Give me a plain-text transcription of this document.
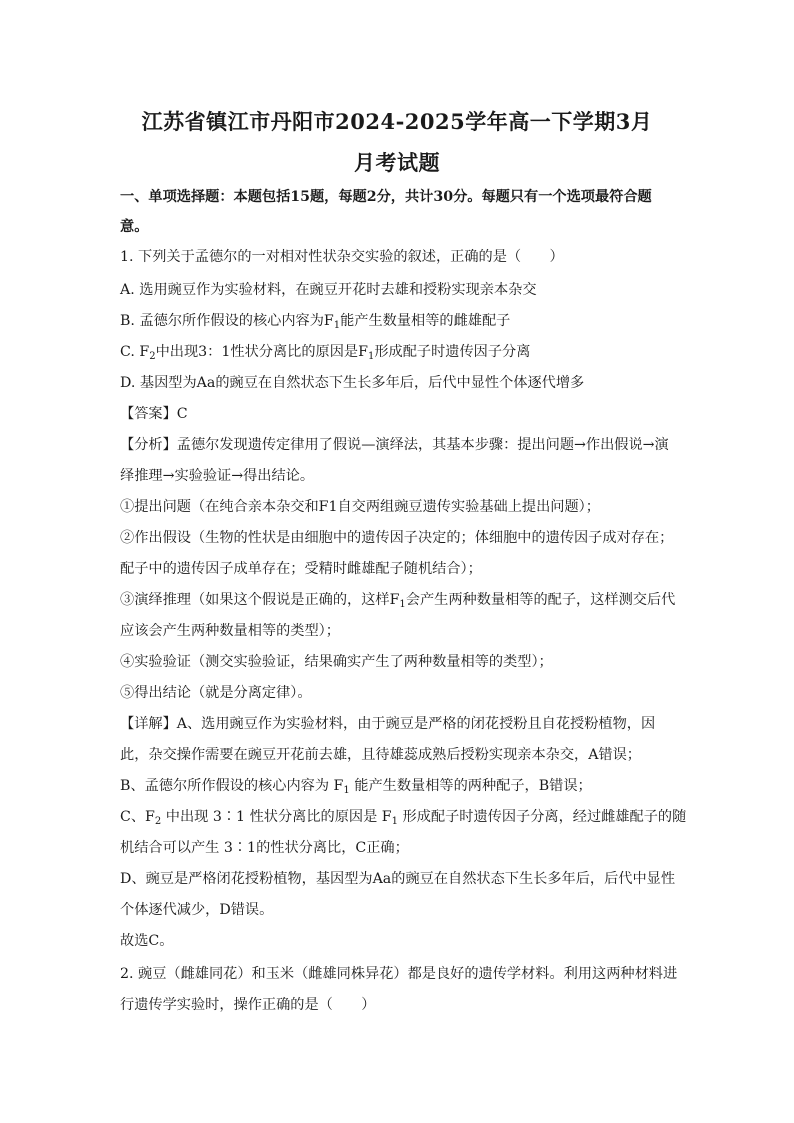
江苏省镇江市丹阳市2024-2025学年高一下学期3月
月考试题
一、单项选择题：本题包括15题，每题2分，共计30分。每题只有一个选项最符合题
意。
1. 下列关于孟德尔的一对相对性状杂交实验的叙述，正确的是（　　）
A. 选用豌豆作为实验材料，在豌豆开花时去雄和授粉实现亲本杂交
B. 孟德尔所作假设的核心内容为$F_1$能产生数量相等的雌雄配子
C. $F_2$中出现3：1性状分离比的原因是$F_1$形成配子时遗传因子分离
D. 基因型为Aa的豌豆在自然状态下生长多年后，后代中显性个体逐代增多
【答案】C
【分析】孟德尔发现遗传定律用了假说—演绎法，其基本步骤：提出问题→作出假说→演
绎推理→实验验证→得出结论。
①提出问题（在纯合亲本杂交和F1自交两组豌豆遗传实验基础上提出问题）；
②作出假设（生物的性状是由细胞中的遗传因子决定的；体细胞中的遗传因子成对存在；
配子中的遗传因子成单存在；受精时雌雄配子随机结合）；
③演绎推理（如果这个假说是正确的，这样$F_1$会产生两种数量相等的配子，这样测交后代
应该会产生两种数量相等的类型）；
④实验验证（测交实验验证，结果确实产生了两种数量相等的类型）；
⑤得出结论（就是分离定律）。
【详解】A、选用豌豆作为实验材料，由于豌豆是严格的闭花授粉且自花授粉植物，因
此，杂交操作需要在豌豆开花前去雄，且待雄蕊成熟后授粉实现亲本杂交，A错误；
B、孟德尔所作假设的核心内容为 $F_1$ 能产生数量相等的两种配子，B错误；
C、$F_2$ 中出现 3∶1 性状分离比的原因是 $F_1$ 形成配子时遗传因子分离，经过雌雄配子的随
机结合可以产生 3∶1的性状分离比，C正确；
D、豌豆是严格闭花授粉植物，基因型为Aa的豌豆在自然状态下生长多年后，后代中显性
个体逐代减少，D错误。
故选C。
2. 豌豆（雌雄同花）和玉米（雌雄同株异花）都是良好的遗传学材料。利用这两种材料进
行遗传学实验时，操作正确的是（　　）
